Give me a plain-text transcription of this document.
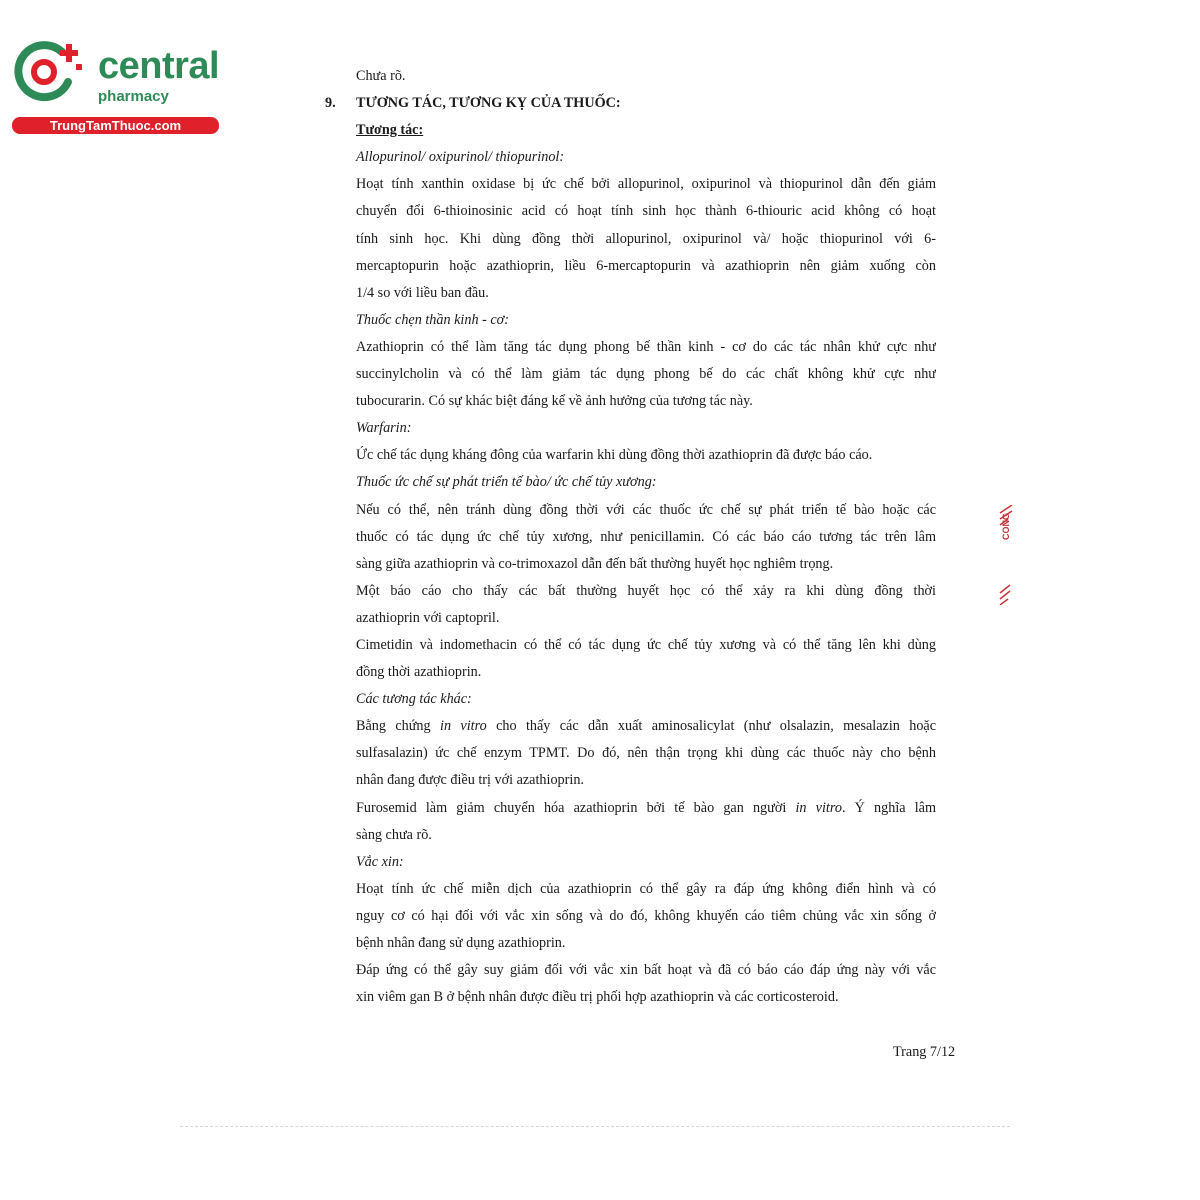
central
pharmacy
TrungTamThuoc.com
Chưa rõ.
9. TƯƠNG TÁC, TƯƠNG KỴ CỦA THUỐC:
Tương tác:
Allopurinol/ oxipurinol/ thiopurinol:
Hoạt tính xanthin oxidase bị ức chế bởi allopurinol, oxipurinol và thiopurinol dẫn đến giảm
chuyển đổi 6-thioinosinic acid có hoạt tính sinh học thành 6-thiouric acid không có hoạt
tính sinh học. Khi dùng đồng thời allopurinol, oxipurinol và/ hoặc thiopurinol với 6-
mercaptopurin hoặc azathioprin, liều 6-mercaptopurin và azathioprin nên giảm xuống còn
1/4 so với liều ban đầu.
Thuốc chẹn thần kinh - cơ:
Azathioprin có thể làm tăng tác dụng phong bế thần kinh - cơ do các tác nhân khử cực như
succinylcholin và có thể làm giảm tác dụng phong bế do các chất không khử cực như
tubocurarin. Có sự khác biệt đáng kể về ảnh hưởng của tương tác này.
Warfarin:
Ức chế tác dụng kháng đông của warfarin khi dùng đồng thời azathioprin đã được báo cáo.
Thuốc ức chế sự phát triển tế bào/ ức chế tủy xương:
Nếu có thể, nên tránh dùng đồng thời với các thuốc ức chế sự phát triển tế bào hoặc các
thuốc có tác dụng ức chế tủy xương, như penicillamin. Có các báo cáo tương tác trên lâm
sàng giữa azathioprin và co-trimoxazol dẫn đến bất thường huyết học nghiêm trọng.
Một báo cáo cho thấy các bất thường huyết học có thể xảy ra khi dùng đồng thời
azathioprin với captopril.
Cimetidin và indomethacin có thể có tác dụng ức chế tủy xương và có thể tăng lên khi dùng
đồng thời azathioprin.
Các tương tác khác:
Bằng chứng in vitro cho thấy các dẫn xuất aminosalicylat (như olsalazin, mesalazin hoặc
sulfasalazin) ức chế enzym TPMT. Do đó, nên thận trọng khi dùng các thuốc này cho bệnh
nhân đang được điều trị với azathioprin.
Furosemid làm giảm chuyển hóa azathioprin bởi tế bào gan người in vitro. Ý nghĩa lâm
sàng chưa rõ.
Vắc xin:
Hoạt tính ức chế miễn dịch của azathioprin có thể gây ra đáp ứng không điển hình và có
nguy cơ có hại đối với vắc xin sống và do đó, không khuyến cáo tiêm chủng vắc xin sống ở
bệnh nhân đang sử dụng azathioprin.
Đáp ứng có thể gây suy giảm đối với vắc xin bất hoạt và đã có báo cáo đáp ứng này với vắc
xin viêm gan B ở bệnh nhân được điều trị phối hợp azathioprin và các corticosteroid.
CONG
Trang 7/12
